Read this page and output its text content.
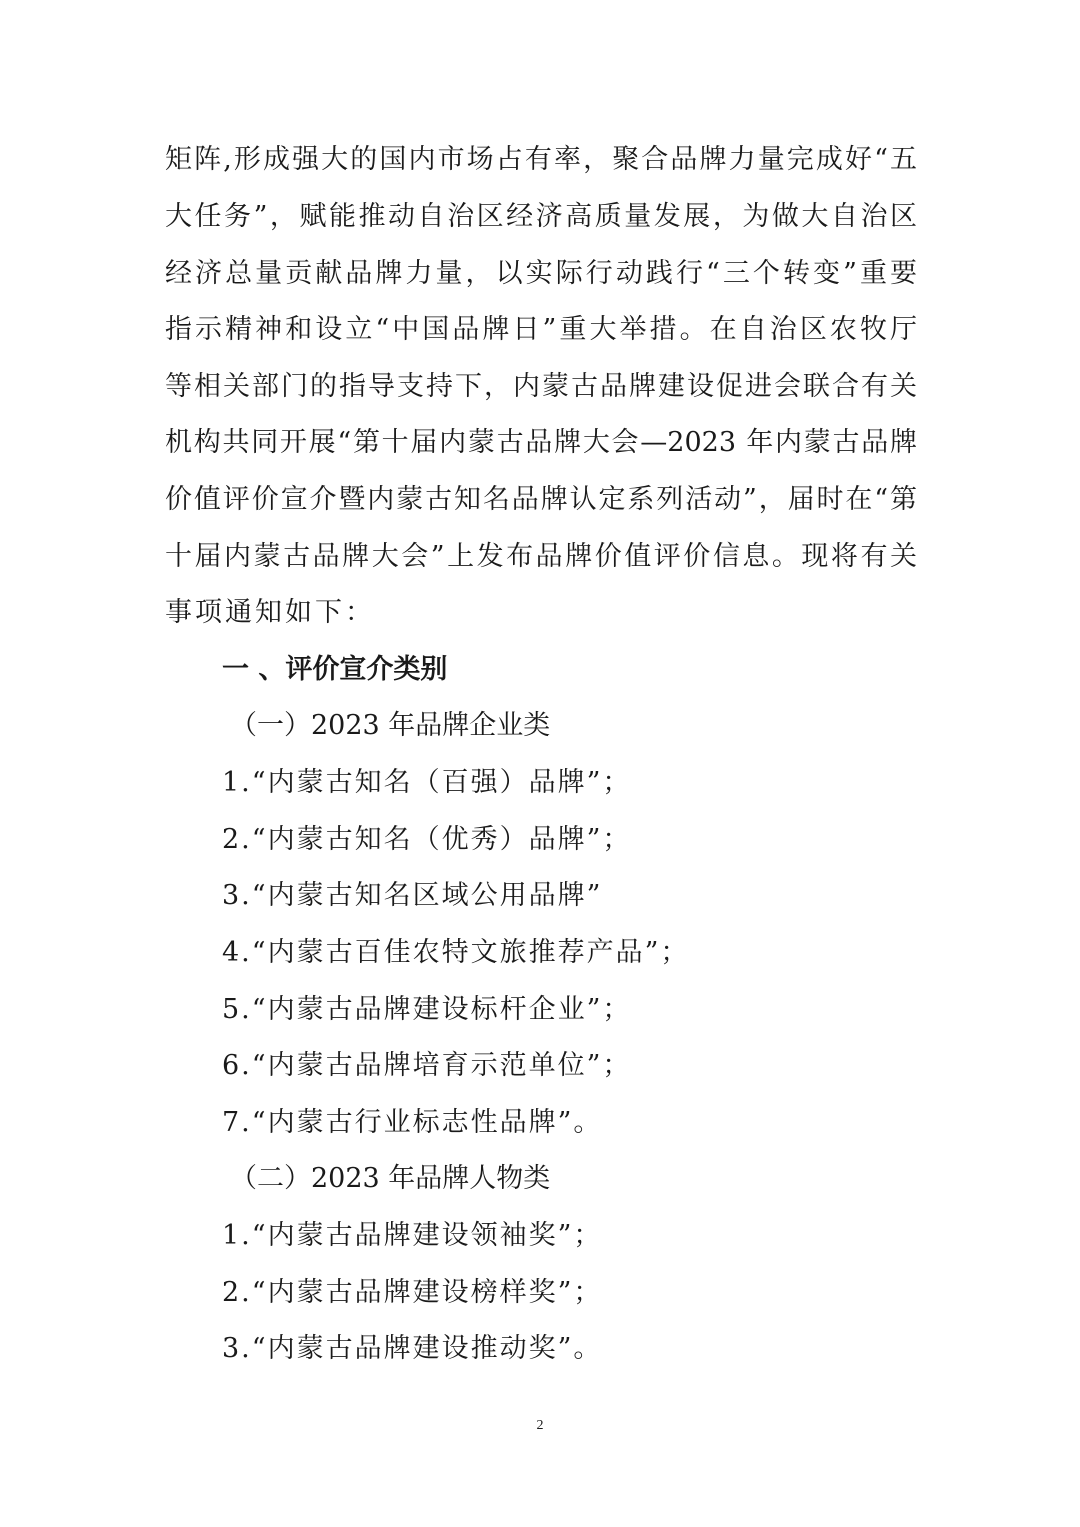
矩阵,形成强大的国内市场占有率，聚合品牌力量完成好“五
大任务”，赋能推动自治区经济高质量发展，为做大自治区
经济总量贡献品牌力量，以实际行动践行“三个转变”重要
指示精神和设立“中国品牌日”重大举措。在自治区农牧厅
等相关部门的指导支持下，内蒙古品牌建设促进会联合有关
机构共同开展“第十届内蒙古品牌大会—2023 年内蒙古品牌
价值评价宣介暨内蒙古知名品牌认定系列活动”，届时在“第
十届内蒙古品牌大会”上发布品牌价值评价信息。现将有关
事项通知如下：
一 、评价宣介类别
（一）2023 年品牌企业类
1.“内蒙古知名（百强）品牌”；
2.“内蒙古知名（优秀）品牌”；
3.“内蒙古知名区域公用品牌”
4.“内蒙古百佳农特文旅推荐产品”；
5.“内蒙古品牌建设标杆企业”；
6.“内蒙古品牌培育示范单位”；
7.“内蒙古行业标志性品牌”。
（二）2023 年品牌人物类
1.“内蒙古品牌建设领袖奖”；
2.“内蒙古品牌建设榜样奖”；
3.“内蒙古品牌建设推动奖”。
2
